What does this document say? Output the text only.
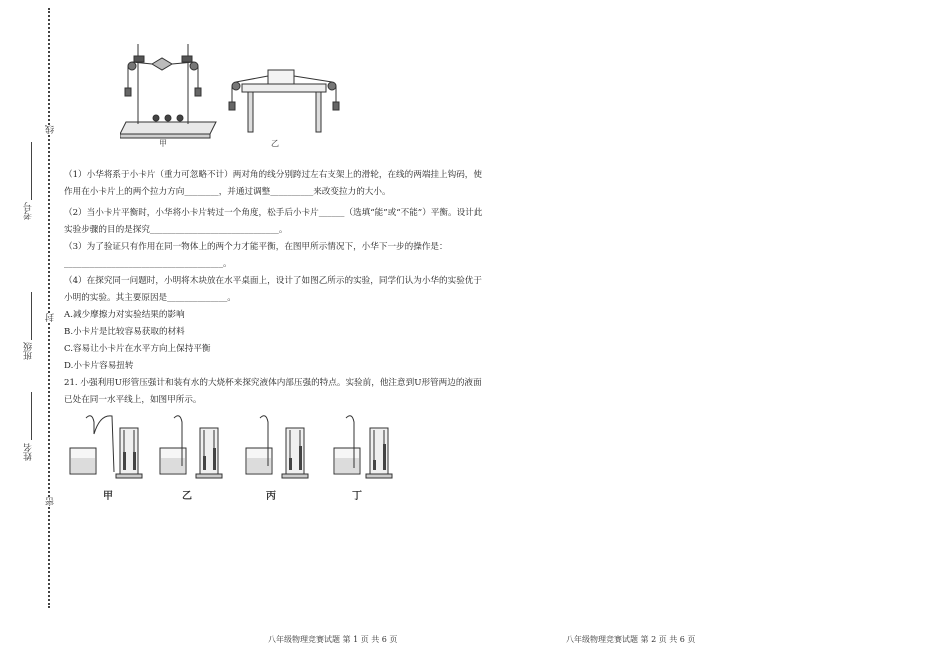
考号
班级
姓名
线
封
密
甲	乙

（1）小华将系于小卡片（重力可忽略不计）两对角的线分别跨过左右支架上的滑轮，在线的两端挂上钩码，使作用在小卡片上的两个拉力方向________，并通过调整__________来改变拉力的大小。

（2）当小卡片平衡时，小华将小卡片转过一个角度，松手后小卡片______（选填“能”或“不能”）平衡。设计此实验步骤的目的是探究______________________________。

（3）为了验证只有作用在同一物体上的两个力才能平衡，在图甲所示情况下，小华下一步的操作是：_____________________________________。

（4）在探究同一问题时，小明将木块放在水平桌面上，设计了如图乙所示的实验，同学们认为小华的实验优于小明的实验。其主要原因是______________。

A.减少摩擦力对实验结果的影响

B.小卡片是比较容易获取的材料

C.容易让小卡片在水平方向上保持平衡

D.小卡片容易扭转

21. 小强利用U形管压强计和装有水的大烧杯来探究液体内部压强的特点。实验前，他注意到U形管两边的液面已处在同一水平线上，如图甲所示。

甲	乙	丙	丁
八年级物理竞赛试题 第 1 页 共 6 页	八年级物理竞赛试题 第 2 页 共 6 页
